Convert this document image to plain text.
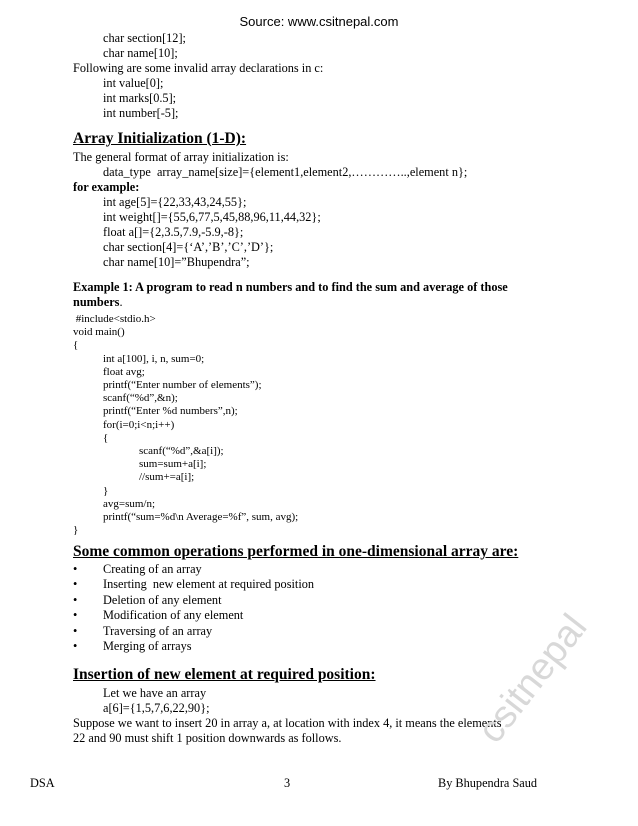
Source: www.csitnepal.com
char section[12];
char name[10];
Following are some invalid array declarations in c:
int value[0];
int marks[0.5];
int number[-5];
Array Initialization (1-D):
The general format of array initialization is:
data_type  array_name[size]={element1,element2,…………..,element n};
for example:
int age[5]={22,33,43,24,55};
int weight[]={55,6,77,5,45,88,96,11,44,32};
float a[]={2,3.5,7.9,-5.9,-8};
char section[4]={‘A’,’B’,’C’,’D’};
char name[10]=”Bhupendra”;
Example 1: A program to read n numbers and to find the sum and average of those
numbers.
#include<stdio.h>
void main()
{
int a[100], i, n, sum=0;
float avg;
printf(“Enter number of elements”);
scanf(“%d”,&n);
printf(“Enter %d numbers”,n);
for(i=0;i<n;i++)
{
scanf(“%d”,&a[i]);
sum=sum+a[i];
//sum+=a[i];
}
avg=sum/n;
printf(“sum=%d\n Average=%f”, sum, avg);
}
Some common operations performed in one-dimensional array are:
• Creating of an array
• Inserting  new element at required position
• Deletion of any element
• Modification of any element
• Traversing of an array
• Merging of arrays
Insertion of new element at required position:
Let we have an array
a[6]={1,5,7,6,22,90};
Suppose we want to insert 20 in array a, at location with index 4, it means the elements
22 and 90 must shift 1 position downwards as follows.	csitnepal
DSA	3	By Bhupendra Saud
